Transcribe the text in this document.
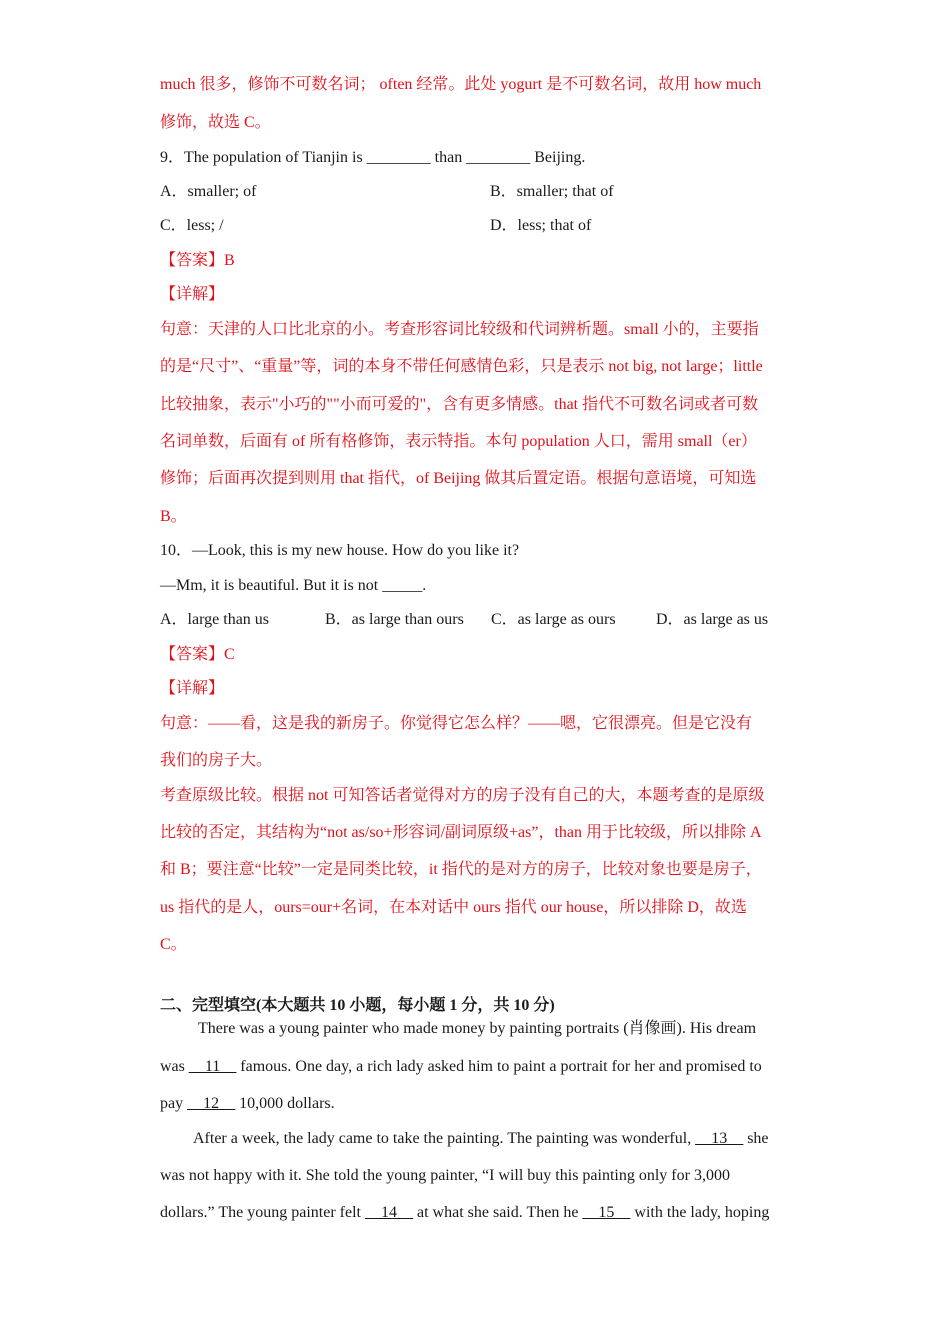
much 很多，修饰不可数名词； often 经常。此处 yogurt 是不可数名词，故用 how much
修饰，故选 C。
9．The population of Tianjin is ________ than ________ Beijing.
A．smaller; of	B．smaller; that of
C．less; /	D．less; that of
【答案】B
【详解】
句意：天津的人口比北京的小。考查形容词比较级和代词辨析题。small 小的，主要指
的是“尺寸”、“重量”等，词的本身不带任何感情色彩，只是表示 not big, not large；little
比较抽象，表示"小巧的""小而可爱的"，含有更多情感。that 指代不可数名词或者可数
名词单数，后面有 of 所有格修饰，表示特指。本句 population 人口，需用 small（er）
修饰；后面再次提到则用 that 指代，of Beijing 做其后置定语。根据句意语境，可知选
B。
10．—Look, this is my new house. How do you like it?
—Mm, it is beautiful. But it is not _____.
A．large than us	B．as large than ours C．as large as ours	D．as large as us
【答案】C
【详解】
句意：——看，这是我的新房子。你觉得它怎么样？——嗯，它很漂亮。但是它没有
我们的房子大。
考查原级比较。根据 not 可知答话者觉得对方的房子没有自己的大，本题考查的是原级
比较的否定，其结构为“not as/so+形容词/副词原级+as”，than 用于比较级，所以排除 A
和 B；要注意“比较”一定是同类比较，it 指代的是对方的房子，比较对象也要是房子，
us 指代的是人，ours=our+名词，在本对话中 ours 指代 our house，所以排除 D，故选
C。
二、完型填空(本大题共 10 小题，每小题 1 分，共 10 分)
There was a young painter who made money by painting portraits (肖像画). His dream
was __11__ famous. One day, a rich lady asked him to paint a portrait for her and promised to
pay __12__ 10,000 dollars.
After a week, the lady came to take the painting. The painting was wonderful, __13__ she
was not happy with it. She told the young painter, “I will buy this painting only for 3,000
dollars.” The young painter felt __14__ at what she said. Then he __15__ with the lady, hoping
